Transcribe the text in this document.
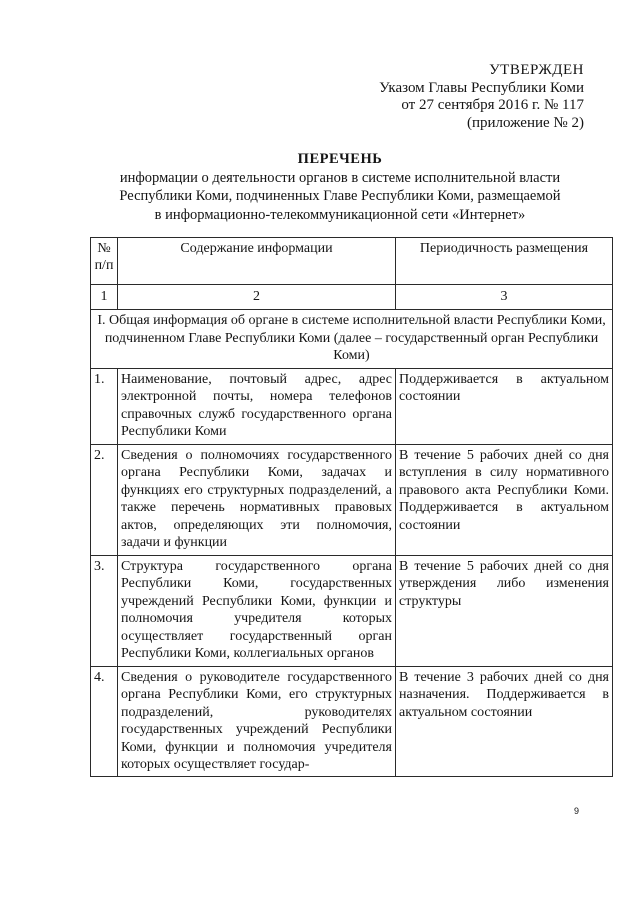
УТВЕРЖДЕН
Указом Главы Республики Коми
от 27 сентября 2016 г. № 117
(приложение № 2)
ПЕРЕЧЕНЬ
информации о деятельности органов в системе исполнительной власти
Республики Коми, подчиненных Главе Республики Коми, размещаемой
в информационно-телекоммуникационной сети «Интернет»
№ п/п	Содержание информации	Периодичность размещения
1	2	3
I. Общая информация об органе в системе исполнительной власти Республики Коми, подчиненном Главе Республики Коми (далее – государственный орган Республики Коми)		
1.	Наименование, почтовый адрес, адрес электронной почты, номера телефонов справочных служб государственного органа Республики Коми	Поддерживается в актуальном состоянии
2.	Сведения о полномочиях государственного органа Республики Коми, задачах и функциях его структурных подразделений, а также перечень нормативных правовых актов, определяющих эти полномочия, задачи и функции	В течение 5 рабочих дней со дня вступления в силу нормативного правового акта Республики Коми. Поддерживается в актуальном состоянии
3.	Структура государственного органа Республики Коми, государственных учреждений Республики Коми, функции и полномочия учредителя которых осуществляет государственный орган Республики Коми, коллегиальных органов	В течение 5 рабочих дней со дня утверждения либо изменения структуры
4.	Сведения о руководителе государственного органа Республики Коми, его структурных подразделений, руководителях государственных учреждений Республики Коми, функции и полномочия учредителя которых осуществляет государ-	В течение 3 рабочих дней со дня назначения. Поддерживается в актуальном состоянии
9
